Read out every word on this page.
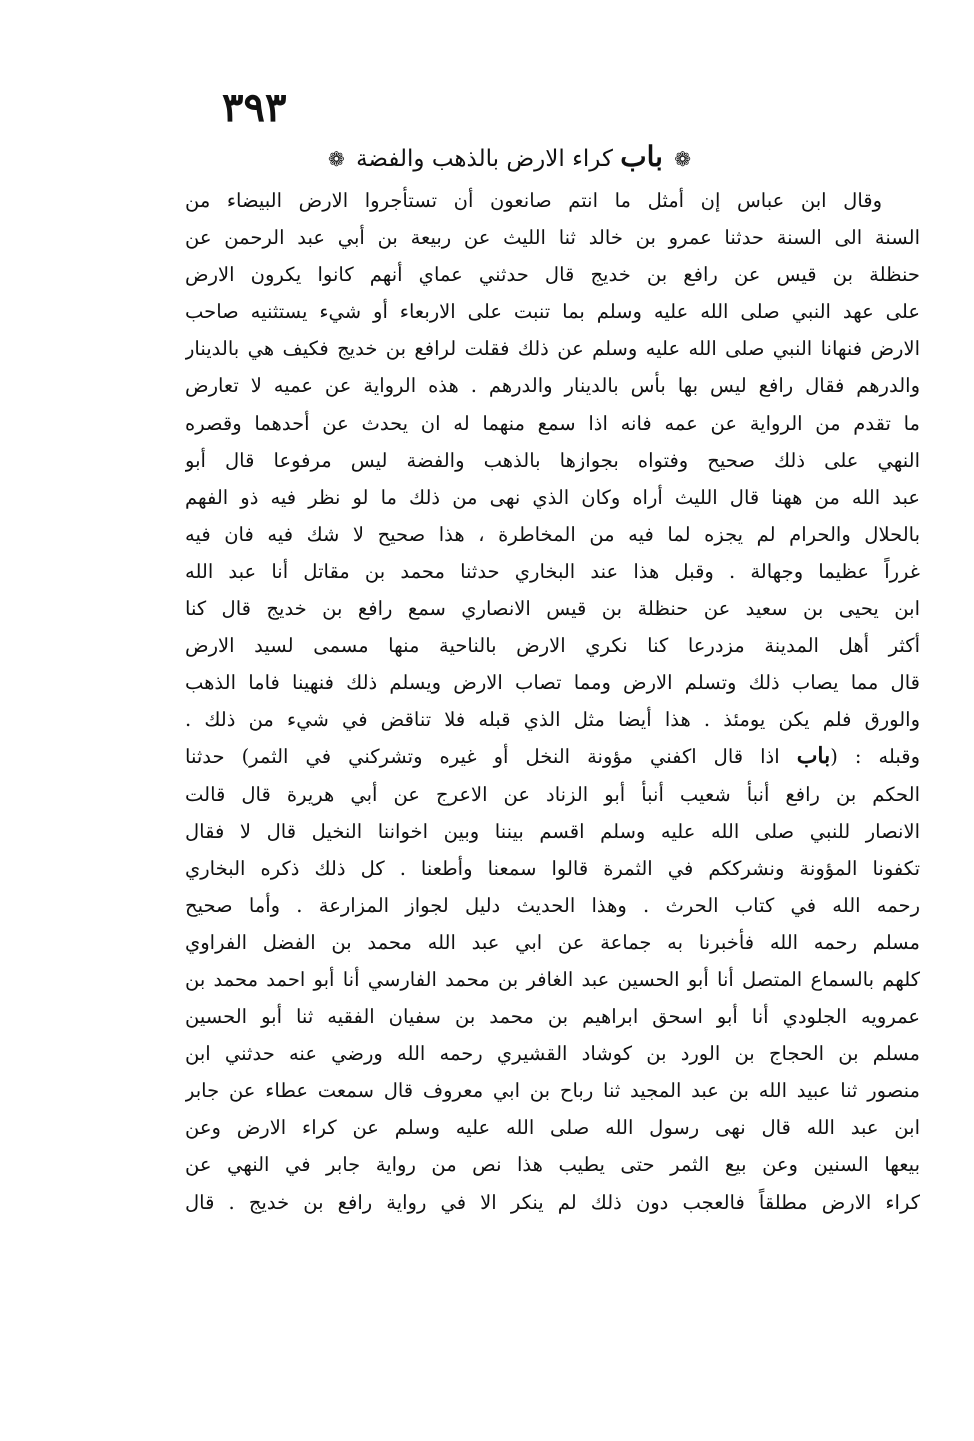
٣٩٣
❁ باب كراء الارض بالذهب والفضة ❁
وقال ابن عباس إن أمثل ما انتم صانعون أن تستأجروا الارض البيضاء من
السنة الى السنة حدثنا عمرو بن خالد ثنا الليث عن ربيعة بن أبي عبد الرحمن عن
حنظلة بن قيس عن رافع بن خديج قال حدثني عماي أنهم كانوا يكرون الارض
على عهد النبي صلى الله عليه وسلم بما تنبت على الاربعاء أو شيء يستثنيه صاحب
الارض فنهانا النبي صلى الله عليه وسلم عن ذلك فقلت لرافع بن خديج فكيف هي بالدينار
والدرهم فقال رافع ليس بها بأس بالدينار والدرهم . هذه الرواية عن عميه لا تعارض
ما تقدم من الرواية عن عمه فانه اذا سمع منهما له ان يحدث عن أحدهما وقصره
النهي على ذلك صحيح وفتواه بجوازها بالذهب والفضة ليس مرفوعا قال أبو
عبد الله من ههنا قال الليث أراه وكان الذي نهى من ذلك ما لو نظر فيه ذو الفهم
بالحلال والحرام لم يجزه لما فيه من المخاطرة ، هذا صحيح لا شك فيه فان فيه
غرراً عظيما وجهالة . وقبل هذا عند البخاري حدثنا محمد بن مقاتل أنا عبد الله
ابن يحيى بن سعيد عن حنظلة بن قيس الانصاري سمع رافع بن خديج قال كنا
أكثر أهل المدينة مزدرعا كنا نكري الارض بالناحية منها مسمى لسيد الارض
قال مما يصاب ذلك وتسلم الارض ومما تصاب الارض ويسلم ذلك فنهينا فاما الذهب
والورق فلم يكن يومئذ . هذا أيضا مثل الذي قبله فلا تناقض في شيء من ذلك .
وقبله : (باب اذا قال اكفني مؤونة النخل أو غيره وتشركني في الثمر) حدثنا
الحكم بن رافع أنبأ شعيب أنبأ أبو الزناد عن الاعرج عن أبي هريرة قال قالت
الانصار للنبي صلى الله عليه وسلم اقسم بيننا وبين اخواننا النخيل قال لا فقال
تكفونا المؤونة ونشرككم في الثمرة قالوا سمعنا وأطعنا . كل ذلك ذكره البخاري
رحمه الله في كتاب الحرث . وهذا الحديث دليل لجواز المزارعة . وأما صحيح
مسلم رحمه الله فأخبرنا به جماعة عن ابي عبد الله محمد بن الفضل الفراوي
كلهم بالسماع المتصل أنا أبو الحسين عبد الغافر بن محمد الفارسي أنا أبو احمد محمد بن
عمرويه الجلودي أنا أبو اسحق ابراهيم بن محمد بن سفيان الفقيه ثنا أبو الحسين
مسلم بن الحجاج بن الورد بن كوشاد القشيري رحمه الله ورضي عنه حدثني ابن
منصور ثنا عبيد الله بن عبد المجيد ثنا رباح بن ابي معروف قال سمعت عطاء عن جابر
ابن عبد الله قال نهى رسول الله صلى الله عليه وسلم عن كراء الارض وعن
بيعها السنين وعن بيع الثمر حتى يطيب هذا نص من رواية جابر في النهي عن
كراء الارض مطلقاً فالعجب دون ذلك لم ينكر الا في رواية رافع بن خديج . قال
